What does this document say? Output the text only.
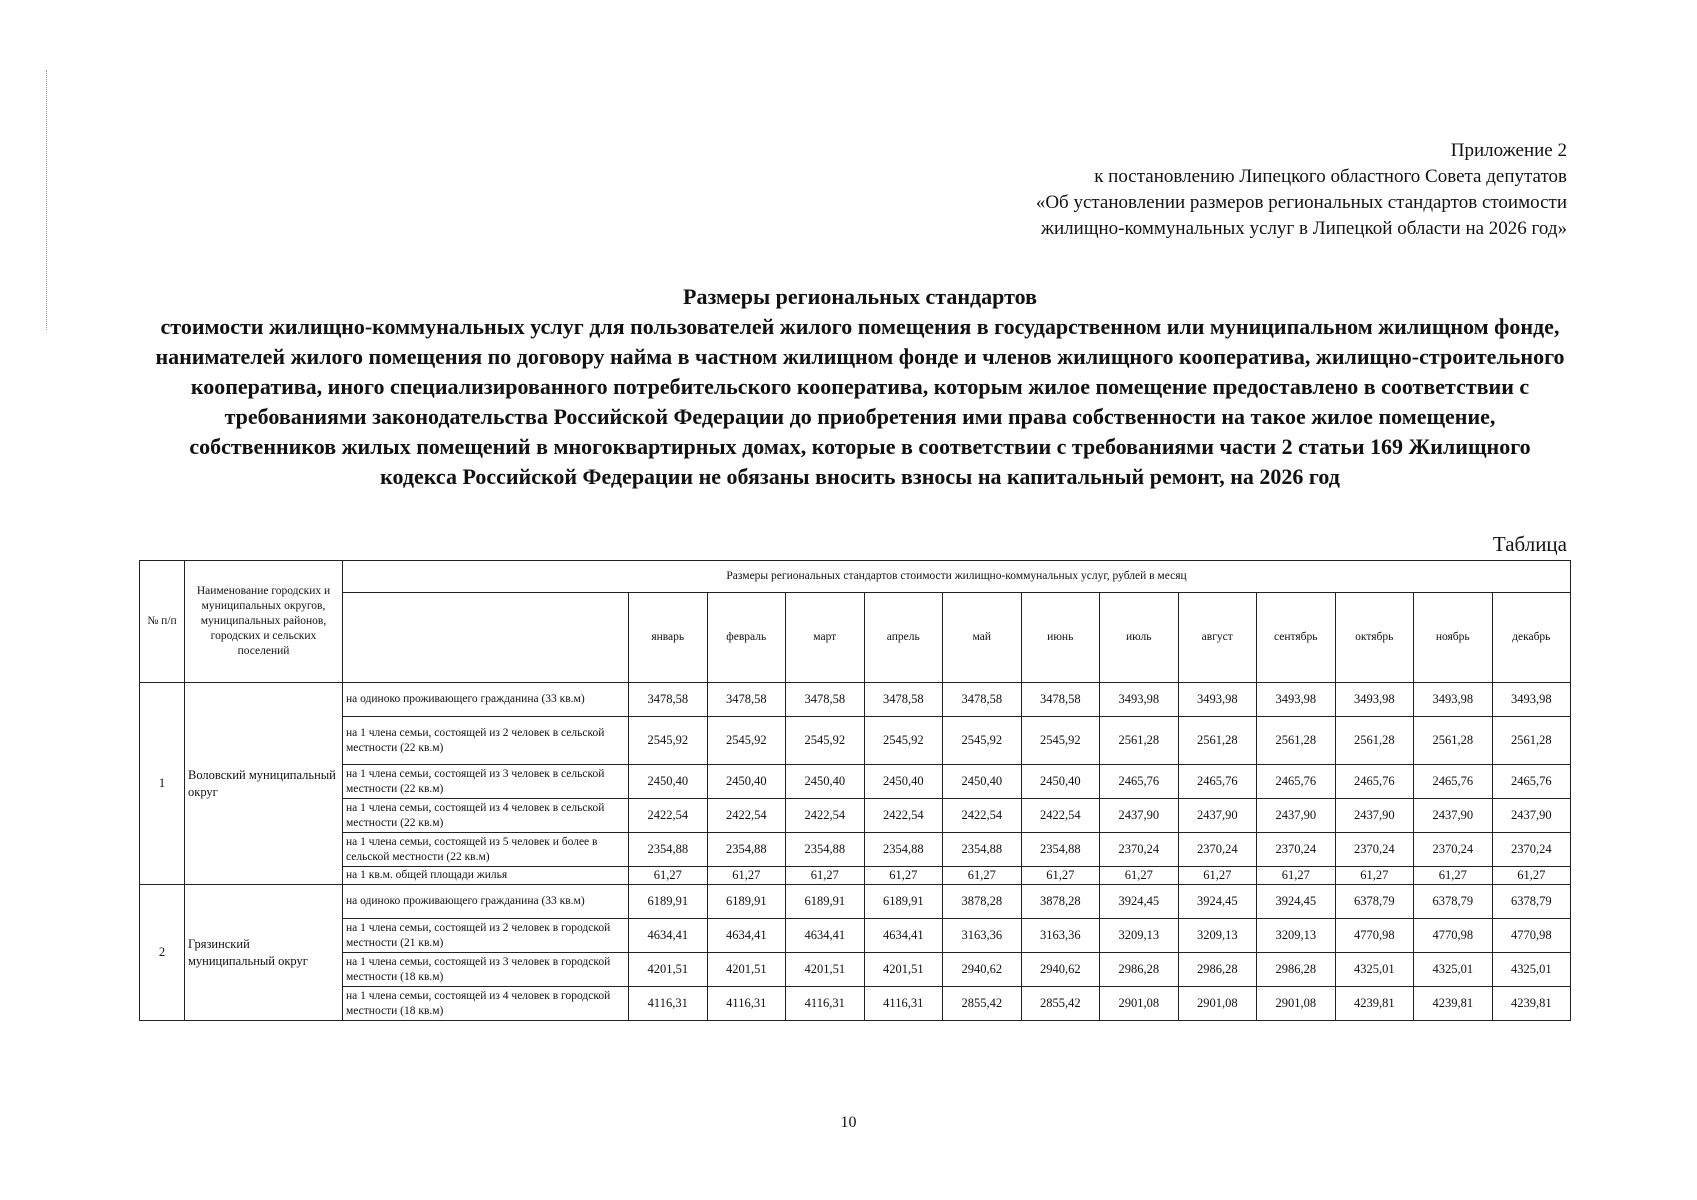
Приложение 2
к постановлению Липецкого областного Совета депутатов
«Об установлении размеров региональных стандартов стоимости
жилищно-коммунальных услуг в Липецкой области на 2026 год»
Размеры региональных стандартов
стоимости жилищно-коммунальных услуг для пользователей жилого помещения в государственном или муниципальном жилищном фонде, нанимателей жилого помещения по договору найма в частном жилищном фонде и членов жилищного кооператива, жилищно-строительного кооператива, иного специализированного потребительского кооператива, которым жилое помещение предоставлено в соответствии с требованиями законодательства Российской Федерации до приобретения ими права собственности на такое жилое помещение, собственников жилых помещений в многоквартирных домах, которые в соответствии с требованиями части 2 статьи 169 Жилищного кодекса Российской Федерации не обязаны вносить взносы на капитальный ремонт, на 2026 год
Таблица
№ п/п	Наименование городских и муниципальных округов, муниципальных районов, городских и сельских поселений	Размеры региональных стандартов стоимости жилищно-коммунальных услуг, рублей в месяц												
			январь	февраль	март	апрель	май	июнь	июль	август	сентябрь	октябрь	ноябрь	декабрь
1	Воловский муниципальный округ	на одиноко проживающего гражданина (33 кв.м)	3478,58	3478,58	3478,58	3478,58	3478,58	3478,58	3493,98	3493,98	3493,98	3493,98	3493,98	3493,98
		на 1 члена семьи, состоящей из 2 человек в сельской местности (22 кв.м)	2545,92	2545,92	2545,92	2545,92	2545,92	2545,92	2561,28	2561,28	2561,28	2561,28	2561,28	2561,28
		на 1 члена семьи, состоящей из 3 человек в сельской местности (22 кв.м)	2450,40	2450,40	2450,40	2450,40	2450,40	2450,40	2465,76	2465,76	2465,76	2465,76	2465,76	2465,76
		на 1 члена семьи, состоящей из 4 человек в сельской местности (22 кв.м)	2422,54	2422,54	2422,54	2422,54	2422,54	2422,54	2437,90	2437,90	2437,90	2437,90	2437,90	2437,90
		на 1 члена семьи, состоящей из 5 человек и более в сельской местности (22 кв.м)	2354,88	2354,88	2354,88	2354,88	2354,88	2354,88	2370,24	2370,24	2370,24	2370,24	2370,24	2370,24
		на 1 кв.м. общей площади жилья	61,27	61,27	61,27	61,27	61,27	61,27	61,27	61,27	61,27	61,27	61,27	61,27
2	Грязинский муниципальный округ	на одиноко проживающего гражданина (33 кв.м)	6189,91	6189,91	6189,91	6189,91	3878,28	3878,28	3924,45	3924,45	3924,45	6378,79	6378,79	6378,79
		на 1 члена семьи, состоящей из 2 человек в городской местности (21 кв.м)	4634,41	4634,41	4634,41	4634,41	3163,36	3163,36	3209,13	3209,13	3209,13	4770,98	4770,98	4770,98
		на 1 члена семьи, состоящей из 3 человек в городской местности (18 кв.м)	4201,51	4201,51	4201,51	4201,51	2940,62	2940,62	2986,28	2986,28	2986,28	4325,01	4325,01	4325,01
		на 1 члена семьи, состоящей из 4 человек в городской местности (18 кв.м)	4116,31	4116,31	4116,31	4116,31	2855,42	2855,42	2901,08	2901,08	2901,08	4239,81	4239,81	4239,81
10
